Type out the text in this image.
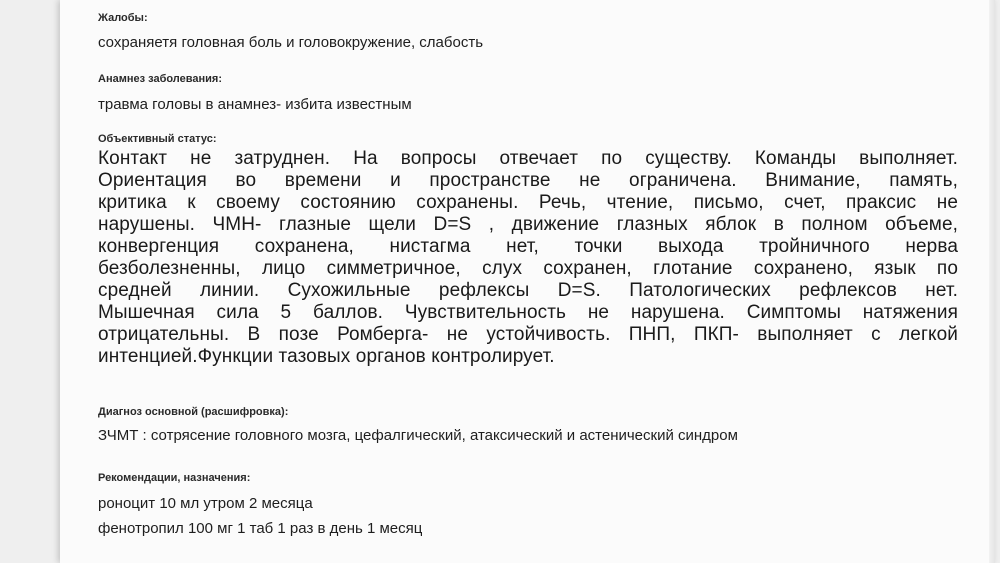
Жалобы:

сохраняетя головная боль и головокружение, слабость

Анамнез заболевания:

травма головы в анамнез- избита известным

Объективный статус:

Контакт не затруднен. На вопросы отвечает по существу. Команды выполняет.
Ориентация во времени и пространстве не ограничена. Внимание, память,
критика к своему состоянию сохранены. Речь, чтение, письмо, счет, праксис не
нарушены. ЧМН- глазные щели D=S , движение глазных яблок в полном объеме,
конвергенция сохранена, нистагма нет, точки выхода тройничного нерва
безболезненны, лицо симметричное, слух сохранен, глотание сохранено, язык по
средней линии. Сухожильные рефлексы D=S. Патологических рефлексов нет.
Мышечная сила 5 баллов. Чувствительность не нарушена. Симптомы натяжения
отрицательны. В позе Ромберга- не устойчивость. ПНП, ПКП- выполняет с легкой
интенцией.Функции тазовых органов контролирует.

Диагноз основной (расшифровка):

ЗЧМТ : сотрясение головного мозга, цефалгический, атаксический и астенический синдром

Рекомендации, назначения:

роноцит 10 мл утром 2 месяца

фенотропил 100 мг 1 таб 1 раз в день 1 месяц
